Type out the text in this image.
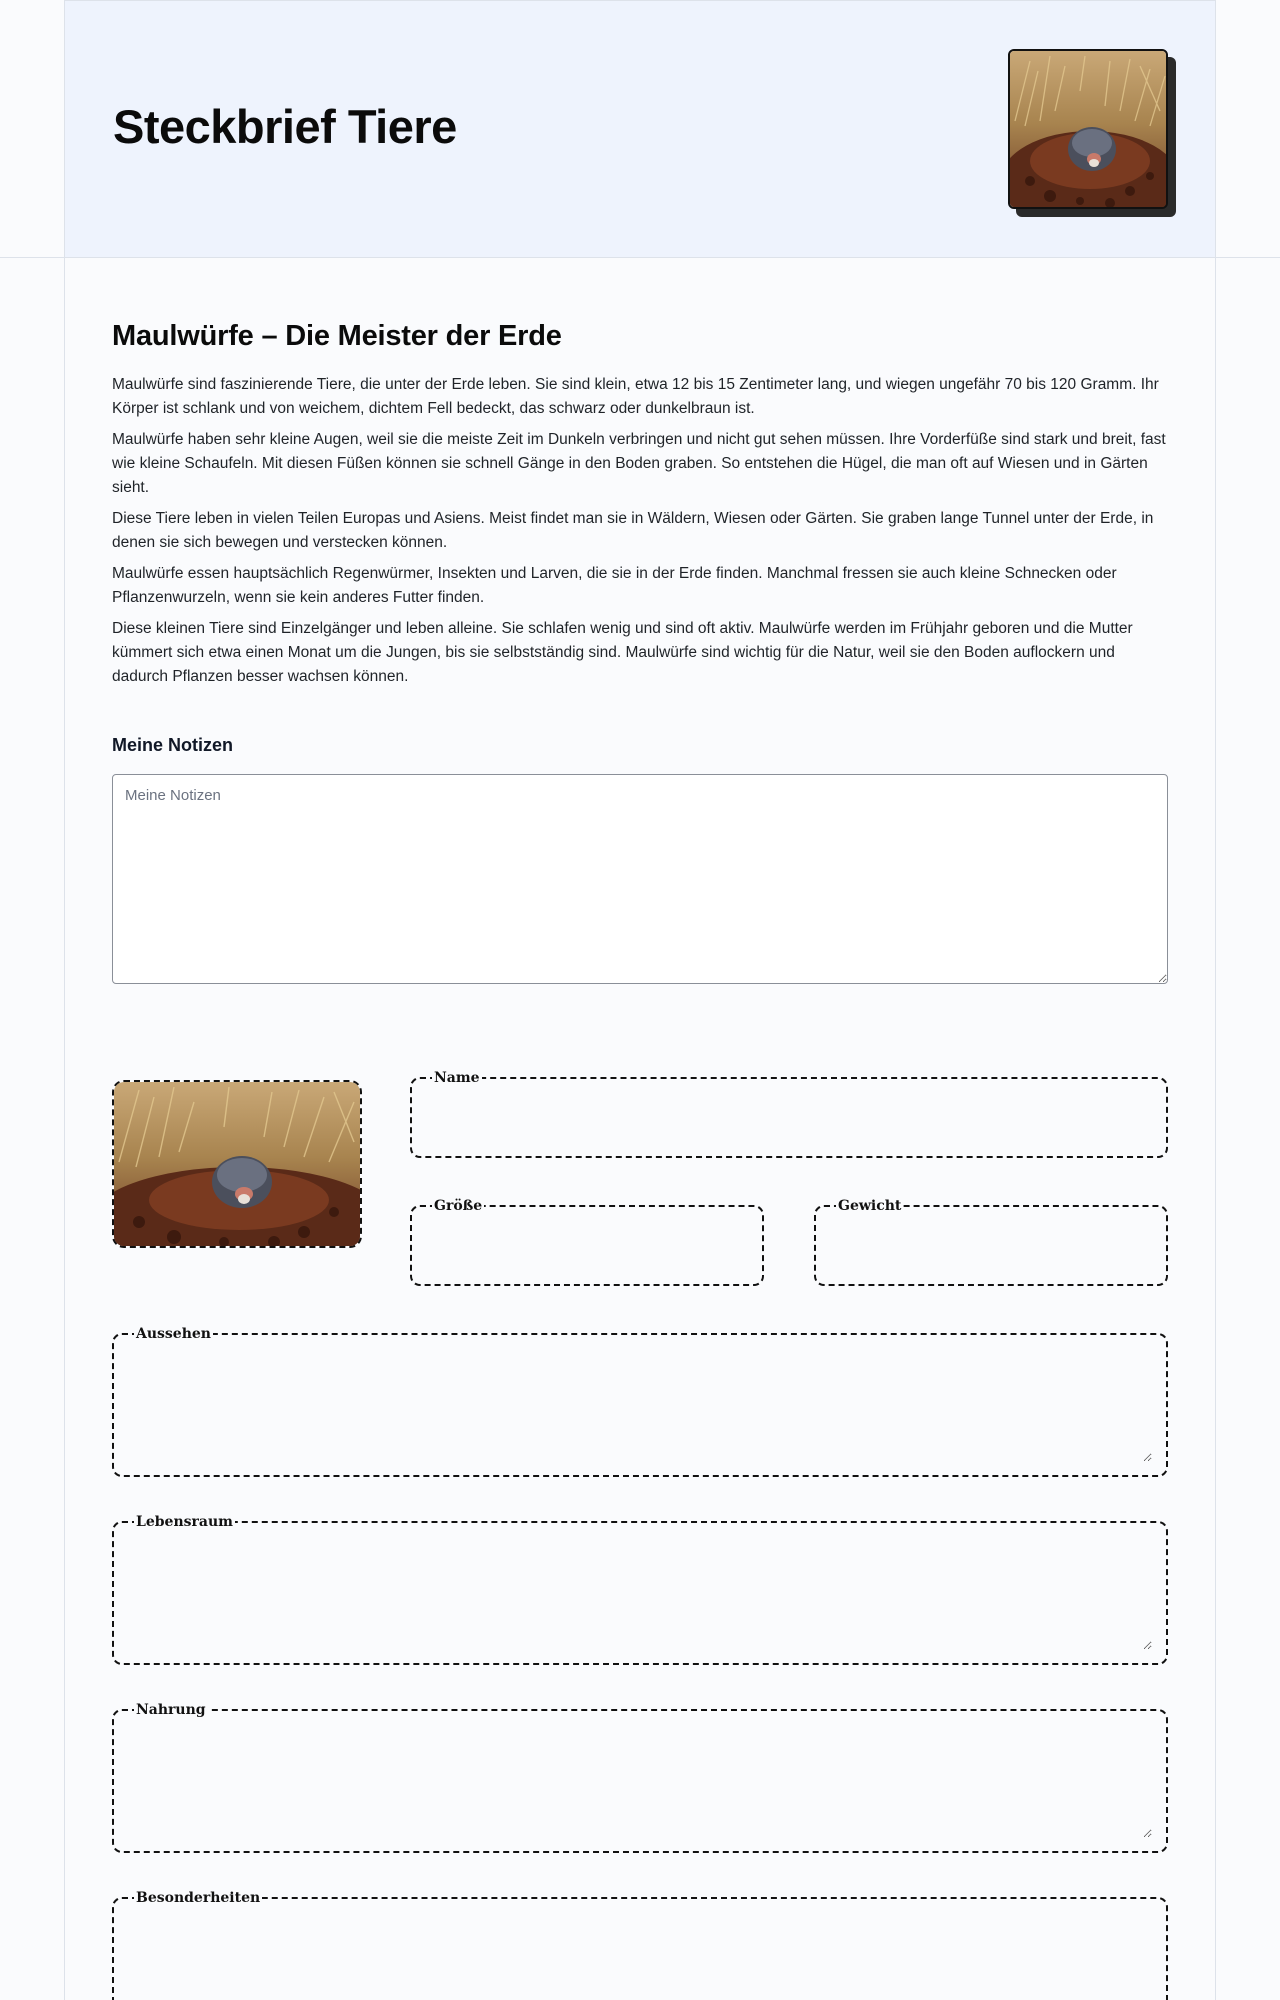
Steckbrief Tiere
Maulwürfe – Die Meister der Erde

Maulwürfe sind faszinierende Tiere, die unter der Erde leben. Sie sind klein, etwa 12 bis 15 Zentimeter lang, und wiegen ungefähr 70 bis 120 Gramm. Ihr Körper ist schlank und von weichem, dichtem Fell bedeckt, das schwarz oder dunkelbraun ist.

Maulwürfe haben sehr kleine Augen, weil sie die meiste Zeit im Dunkeln verbringen und nicht gut sehen müssen. Ihre Vorderfüße sind stark und breit, fast wie kleine Schaufeln. Mit diesen Füßen können sie schnell Gänge in den Boden graben. So entstehen die Hügel, die man oft auf Wiesen und in Gärten sieht.

Diese Tiere leben in vielen Teilen Europas und Asiens. Meist findet man sie in Wäldern, Wiesen oder Gärten. Sie graben lange Tunnel unter der Erde, in denen sie sich bewegen und verstecken können.

Maulwürfe essen hauptsächlich Regenwürmer, Insekten und Larven, die sie in der Erde finden. Manchmal fressen sie auch kleine Schnecken oder Pflanzenwurzeln, wenn sie kein anderes Futter finden.

Diese kleinen Tiere sind Einzelgänger und leben alleine. Sie schlafen wenig und sind oft aktiv. Maulwürfe werden im Frühjahr geboren und die Mutter kümmert sich etwa einen Monat um die Jungen, bis sie selbstständig sind. Maulwürfe sind wichtig für die Natur, weil sie den Boden auflockern und dadurch Pflanzen besser wachsen können.

Meine Notizen
Meine Notizen
Name
Größe	Gewicht
Aussehen
Lebensraum
Nahrung
Besonderheiten
